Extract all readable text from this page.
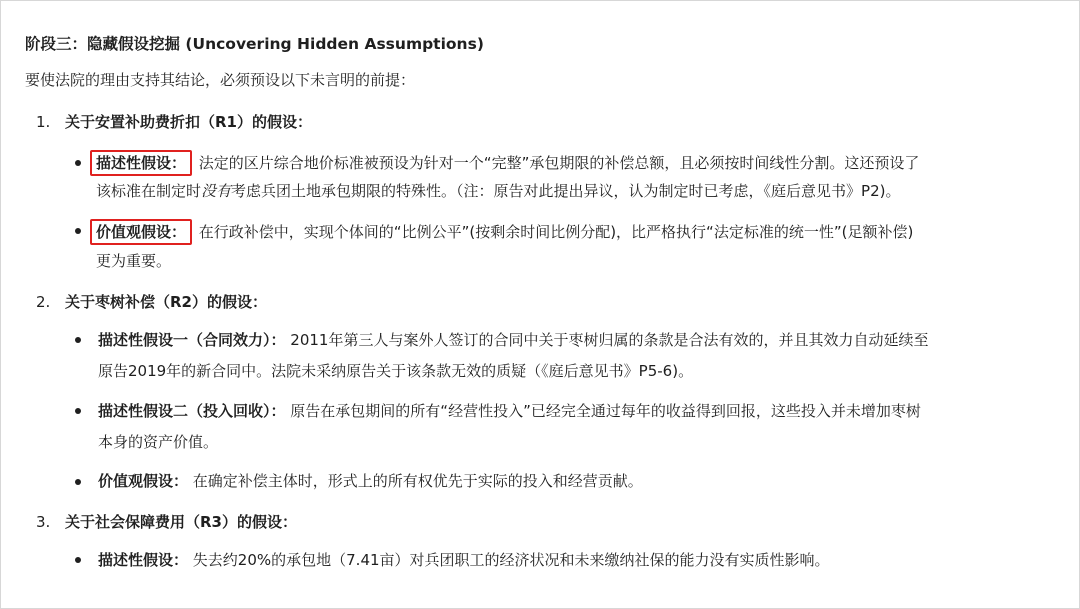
阶段三：隐藏假设挖掘 (Uncovering Hidden Assumptions)
要使法院的理由支持其结论，必须预设以下未言明的前提：
1. 关于安置补助费折扣（R1）的假设：
描述性假设： 法定的区片综合地价标准被预设为针对一个“完整”承包期限的补偿总额，且必须按时间线性分割。这还预设了
该标准在制定时没有考虑兵团土地承包期限的特殊性。（注：原告对此提出异议，认为制定时已考虑，《庭后意见书》P2)。
价值观假设： 在行政补偿中，实现个体间的“比例公平”(按剩余时间比例分配)，比严格执行“法定标准的统一性”(足额补偿)
更为重要。
2. 关于枣树补偿（R2）的假设：
描述性假设一（合同效力）： 2011年第三人与案外人签订的合同中关于枣树归属的条款是合法有效的，并且其效力自动延续至
原告2019年的新合同中。法院未采纳原告关于该条款无效的质疑（《庭后意见书》P5-6)。
描述性假设二（投入回收）： 原告在承包期间的所有“经营性投入”已经完全通过每年的收益得到回报，这些投入并未增加枣树
本身的资产价值。
价值观假设： 在确定补偿主体时，形式上的所有权优先于实际的投入和经营贡献。
3. 关于社会保障费用（R3）的假设：
描述性假设： 失去约20%的承包地（7.41亩）对兵团职工的经济状况和未来缴纳社保的能力没有实质性影响。
